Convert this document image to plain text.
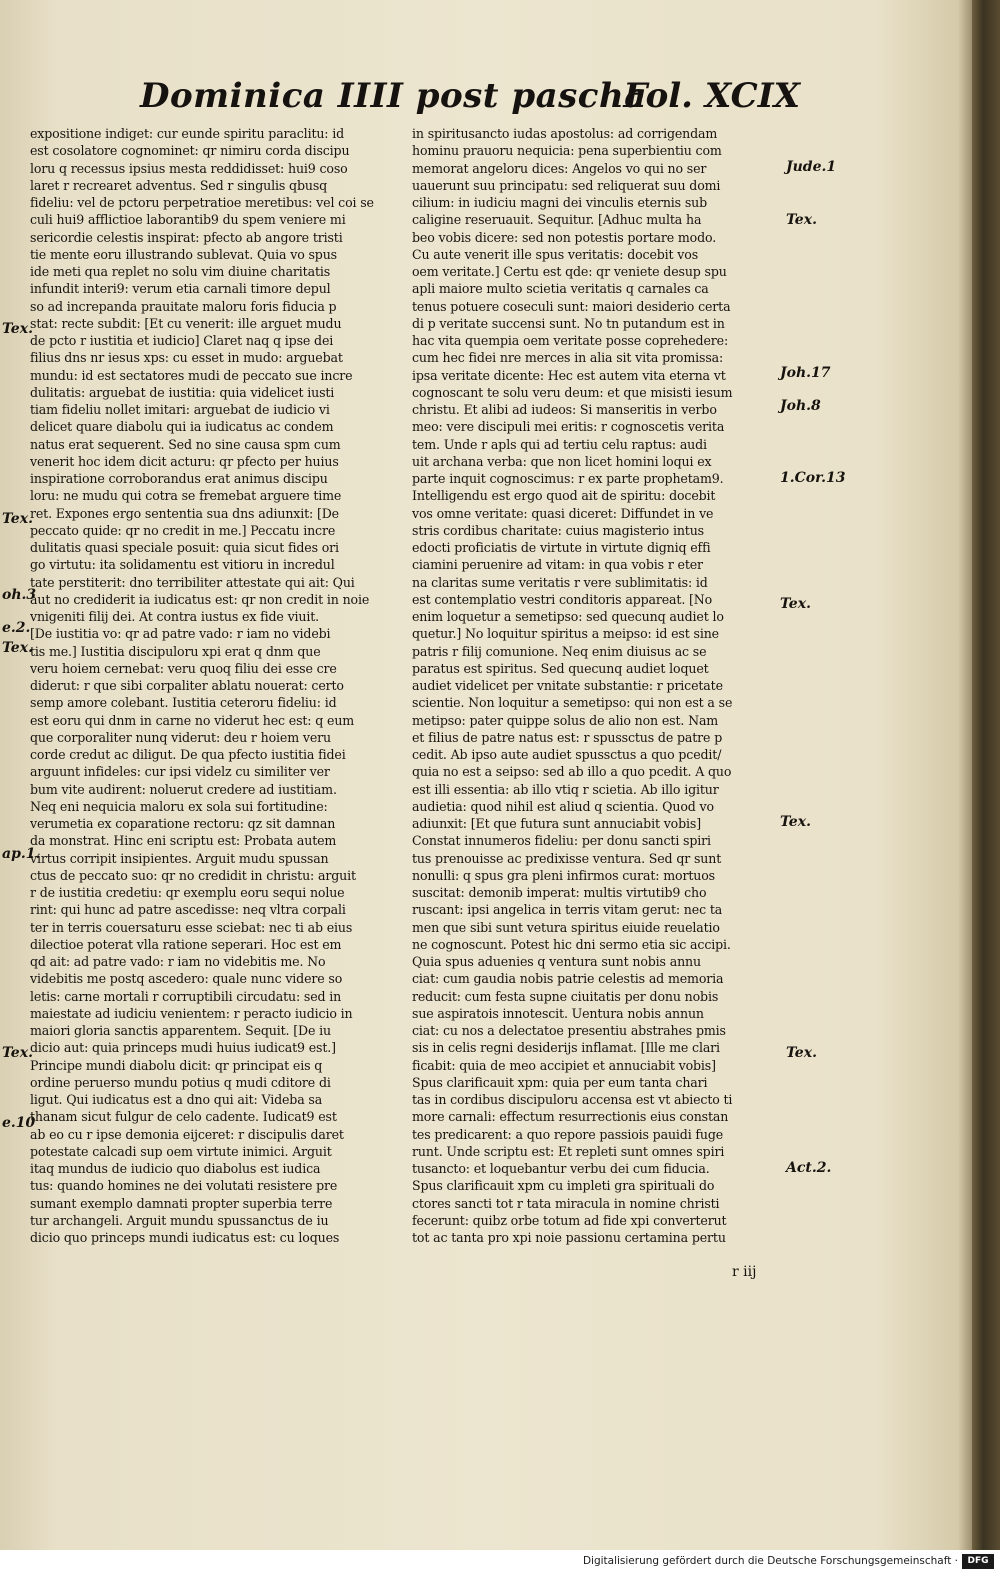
Dominica IIII post pascha
Fol. XCIX
expositione indiget: cur eunde spiritu paraclitu: id
est cosolatore cognominet: qr nimiru corda discipu
loru q recessus ipsius mesta reddidisset: hui9 coso
laret r recrearet adventus. Sed r singulis qbusq
fideliu: vel de pctoru perpetratioe meretibus: vel coi se
culi hui9 afflictioe laborantib9 du spem veniere mi
sericordie celestis inspirat: pfecto ab angore tristi
tie mente eoru illustrando sublevat. Quia vo spus
ide meti qua replet no solu vim diuine charitatis
infundit interi9: verum etia carnali timore depul
so ad increpanda prauitate maloru foris fiducia p
stat: recte subdit: [Et cu venerit: ille arguet mudu
de pcto r iustitia et iudicio] Claret naq q ipse dei
filius dns nr iesus xps: cu esset in mudo: arguebat
mundu: id est sectatores mudi de peccato sue incre
dulitatis: arguebat de iustitia: quia videlicet iusti
tiam fideliu nollet imitari: arguebat de iudicio vi
delicet quare diabolu qui ia iudicatus ac condem
natus erat sequerent. Sed no sine causa spm cum
venerit hoc idem dicit acturu: qr pfecto per huius
inspiratione corroborandus erat animus discipu
loru: ne mudu qui cotra se fremebat arguere time
ret. Expones ergo sententia sua dns adiunxit: [De
peccato quide: qr no credit in me.] Peccatu incre
dulitatis quasi speciale posuit: quia sicut fides ori
go virtutu: ita solidamentu est vitioru in incredul
tate perstiterit: dno terribiliter attestate qui ait: Qui
aut no crediderit ia iudicatus est: qr non credit in noie
vnigeniti filij dei. At contra iustus ex fide viuit.
[De iustitia vo: qr ad patre vado: r iam no videbi
tis me.] Iustitia discipuloru xpi erat q dnm que
veru hoiem cernebat: veru quoq filiu dei esse cre
diderut: r que sibi corpaliter ablatu nouerat: certo
semp amore colebant. Iustitia ceteroru fideliu: id
est eoru qui dnm in carne no viderut hec est: q eum
que corporaliter nunq viderut: deu r hoiem veru
corde credut ac diligut. De qua pfecto iustitia fidei
arguunt infideles: cur ipsi videlz cu similiter ver
bum vite audirent: noluerut credere ad iustitiam.
Neq eni nequicia maloru ex sola sui fortitudine:
verumetia ex coparatione rectoru: qz sit damnan
da monstrat. Hinc eni scriptu est: Probata autem
virtus corripit insipientes. Arguit mudu spussan
ctus de peccato suo: qr no credidit in christu: arguit
r de iustitia credetiu: qr exemplu eoru sequi nolue
rint: qui hunc ad patre ascedisse: neq vltra corpali
ter in terris couersaturu esse sciebat: nec ti ab eius
dilectioe poterat vlla ratione seperari. Hoc est em
qd ait: ad patre vado: r iam no videbitis me. No
videbitis me postq ascedero: quale nunc videre so
letis: carne mortali r corruptibili circudatu: sed in
maiestate ad iudiciu venientem: r peracto iudicio in
maiori gloria sanctis apparentem. Sequit. [De iu
dicio aut: quia princeps mudi huius iudicat9 est.]
Principe mundi diabolu dicit: qr principat eis q
ordine peruerso mundu potius q mudi cditore di
ligut. Qui iudicatus est a dno qui ait: Videba sa
thanam sicut fulgur de celo cadente. Iudicat9 est
ab eo cu r ipse demonia eijceret: r discipulis daret
potestate calcadi sup oem virtute inimici. Arguit
itaq mundus de iudicio quo diabolus est iudica
tus: quando homines ne dei volutati resistere pre
sumant exemplo damnati propter superbia terre
tur archangeli. Arguit mundu spussanctus de iu
dicio quo princeps mundi iudicatus est: cu loques
in spiritusancto iudas apostolus: ad corrigendam
hominu prauoru nequicia: pena superbientiu com
memorat angeloru dices: Angelos vo qui no ser
uauerunt suu principatu: sed reliquerat suu domi
cilium: in iudiciu magni dei vinculis eternis sub
caligine reseruauit. Sequitur. [Adhuc multa ha
beo vobis dicere: sed non potestis portare modo.
Cu aute venerit ille spus veritatis: docebit vos
oem veritate.] Certu est qde: qr veniete desup spu
apli maiore multo scietia veritatis q carnales ca
tenus potuere coseculi sunt: maiori desiderio certa
di p veritate succensi sunt. No tn putandum est in
hac vita quempia oem veritate posse coprehedere:
cum hec fidei nre merces in alia sit vita promissa:
ipsa veritate dicente: Hec est autem vita eterna vt
cognoscant te solu veru deum: et que misisti iesum
christu. Et alibi ad iudeos: Si manseritis in verbo
meo: vere discipuli mei eritis: r cognoscetis verita
tem. Unde r apls qui ad tertiu celu raptus: audi
uit archana verba: que non licet homini loqui ex
parte inquit cognoscimus: r ex parte prophetam9.
Intelligendu est ergo quod ait de spiritu: docebit
vos omne veritate: quasi diceret: Diffundet in ve
stris cordibus charitate: cuius magisterio intus
edocti proficiatis de virtute in virtute digniq effi
ciamini peruenire ad vitam: in qua vobis r eter
na claritas sume veritatis r vere sublimitatis: id
est contemplatio vestri conditoris appareat. [No
enim loquetur a semetipso: sed quecunq audiet lo
quetur.] No loquitur spiritus a meipso: id est sine
patris r filij comunione. Neq enim diuisus ac se
paratus est spiritus. Sed quecunq audiet loquet
audiet videlicet per vnitate substantie: r pricetate
scientie. Non loquitur a semetipso: qui non est a se
metipso: pater quippe solus de alio non est. Nam
et filius de patre natus est: r spussctus de patre p
cedit. Ab ipso aute audiet spussctus a quo pcedit/
quia no est a seipso: sed ab illo a quo pcedit. A quo
est illi essentia: ab illo vtiq r scietia. Ab illo igitur
audietia: quod nihil est aliud q scientia. Quod vo
adiunxit: [Et que futura sunt annuciabit vobis]
Constat innumeros fideliu: per donu sancti spiri
tus prenouisse ac predixisse ventura. Sed qr sunt
nonulli: q spus gra pleni infirmos curat: mortuos
suscitat: demonib imperat: multis virtutib9 cho
ruscant: ipsi angelica in terris vitam gerut: nec ta
men que sibi sunt vetura spiritus eiuide reuelatio
ne cognoscunt. Potest hic dni sermo etia sic accipi.
Quia spus aduenies q ventura sunt nobis annu
ciat: cum gaudia nobis patrie celestis ad memoria
reducit: cum festa supne ciuitatis per donu nobis
sue aspiratois innotescit. Uentura nobis annun
ciat: cu nos a delectatoe presentiu abstrahes pmis
sis in celis regni desiderijs inflamat. [Ille me clari
ficabit: quia de meo accipiet et annuciabit vobis]
Spus clarificauit xpm: quia per eum tanta chari
tas in cordibus discipuloru accensa est vt abiecto ti
more carnali: effectum resurrectionis eius constan
tes predicarent: a quo repore passiois pauidi fuge
runt. Unde scriptu est: Et repleti sunt omnes spiri
tusancto: et loquebantur verbu dei cum fiducia.
Spus clarificauit xpm cu impleti gra spirituali do
ctores sancti tot r tata miracula in nomine christi
fecerunt: quibz orbe totum ad fide xpi converterut
tot ac tanta pro xpi noie passionu certamina pertu
Tex.
Tex.
oh.3
e.2.
Tex.
ap.1.
Tex.
e.10
Jude.1
Tex.
Joh.17
Joh.8
1.Cor.13
Tex.
Tex.
Tex.
Act.2.
r iij
Digitalisierung gefördert durch die Deutsche Forschungsgemeinschaft ·	DFG
